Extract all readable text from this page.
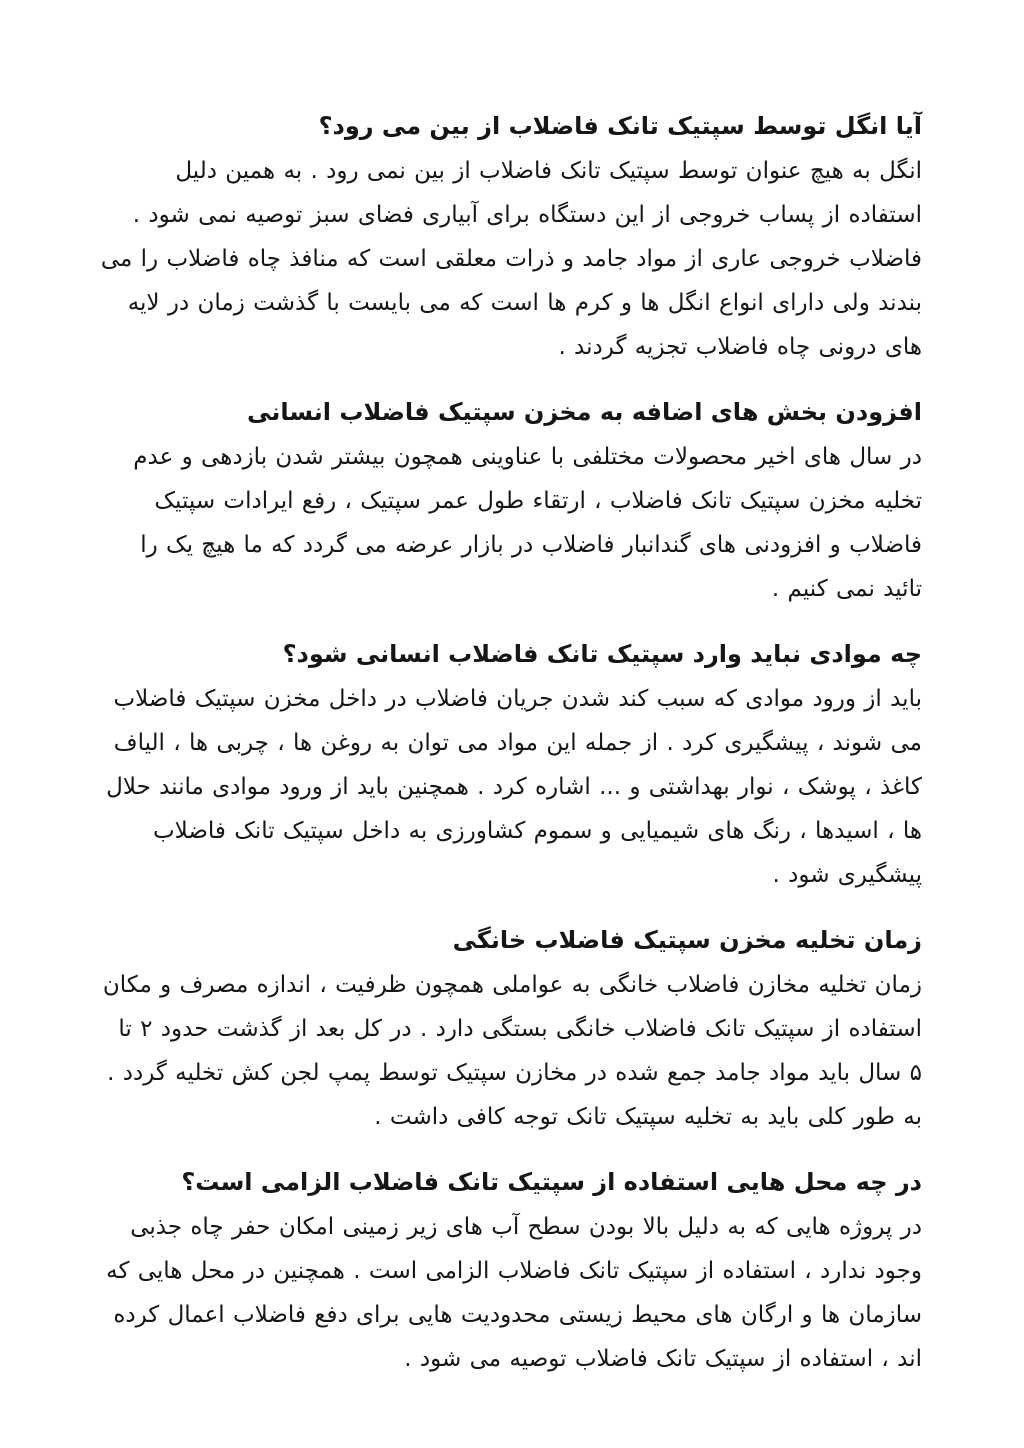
آیا انگل توسط سپتیک تانک فاضلاب از بین می رود؟

انگل به هیچ عنوان توسط سپتیک تانک فاضلاب از بین نمی رود . به همین دلیل استفاده از پساب خروجی از این دستگاه برای آبیاری فضای سبز توصیه نمی شود . فاضلاب خروجی عاری از مواد جامد و ذرات معلقی است که منافذ چاه فاضلاب را می بندند ولی دارای انواع انگل ها و کرم ها است که می بایست با گذشت زمان در لایه های درونی چاه فاضلاب تجزیه گردند .

افزودن بخش های اضافه به مخزن سپتیک فاضلاب انسانی

در سال های اخیر محصولات مختلفی با عناوینی همچون بیشتر شدن بازدهی و عدم تخلیه مخزن سپتیک تانک فاضلاب ، ارتقاء طول عمر سپتیک ، رفع ایرادات سپتیک فاضلاب و افزودنی های گندانبار فاضلاب در بازار عرضه می گردد که ما هیچ یک را تائید نمی کنیم .

چه موادی نباید وارد سپتیک تانک فاضلاب انسانی شود؟

باید از ورود موادی که سبب کند شدن جریان فاضلاب در داخل مخزن سپتیک فاضلاب می شوند ، پیشگیری کرد . از جمله این مواد می توان به روغن ها ، چربی ها ، الیاف کاغذ ، پوشک ، نوار بهداشتی و ... اشاره کرد . همچنین باید از ورود موادی مانند حلال ها ، اسیدها ، رنگ های شیمیایی و سموم کشاورزی به داخل سپتیک تانک فاضلاب پیشگیری شود .

زمان تخلیه مخزن سپتیک فاضلاب خانگی

زمان تخلیه مخازن فاضلاب خانگی به عواملی همچون ظرفیت ، اندازه مصرف و مکان استفاده از سپتیک تانک فاضلاب خانگی بستگی دارد . در کل بعد از گذشت حدود ۲ تا ۵ سال باید مواد جامد جمع شده در مخازن سپتیک توسط پمپ لجن کش تخلیه گردد . به طور کلی باید به تخلیه سپتیک تانک توجه کافی داشت .

در چه محل هایی استفاده از سپتیک تانک فاضلاب الزامی است؟

در پروژه هایی که به دلیل بالا بودن سطح آب های زیر زمینی امکان حفر چاه جذبی وجود ندارد ، استفاده از سپتیک تانک فاضلاب الزامی است . همچنین در محل هایی که سازمان ها و ارگان های محیط زیستی محدودیت هایی برای دفع فاضلاب اعمال کرده اند ، استفاده از سپتیک تانک فاضلاب توصیه می شود .
